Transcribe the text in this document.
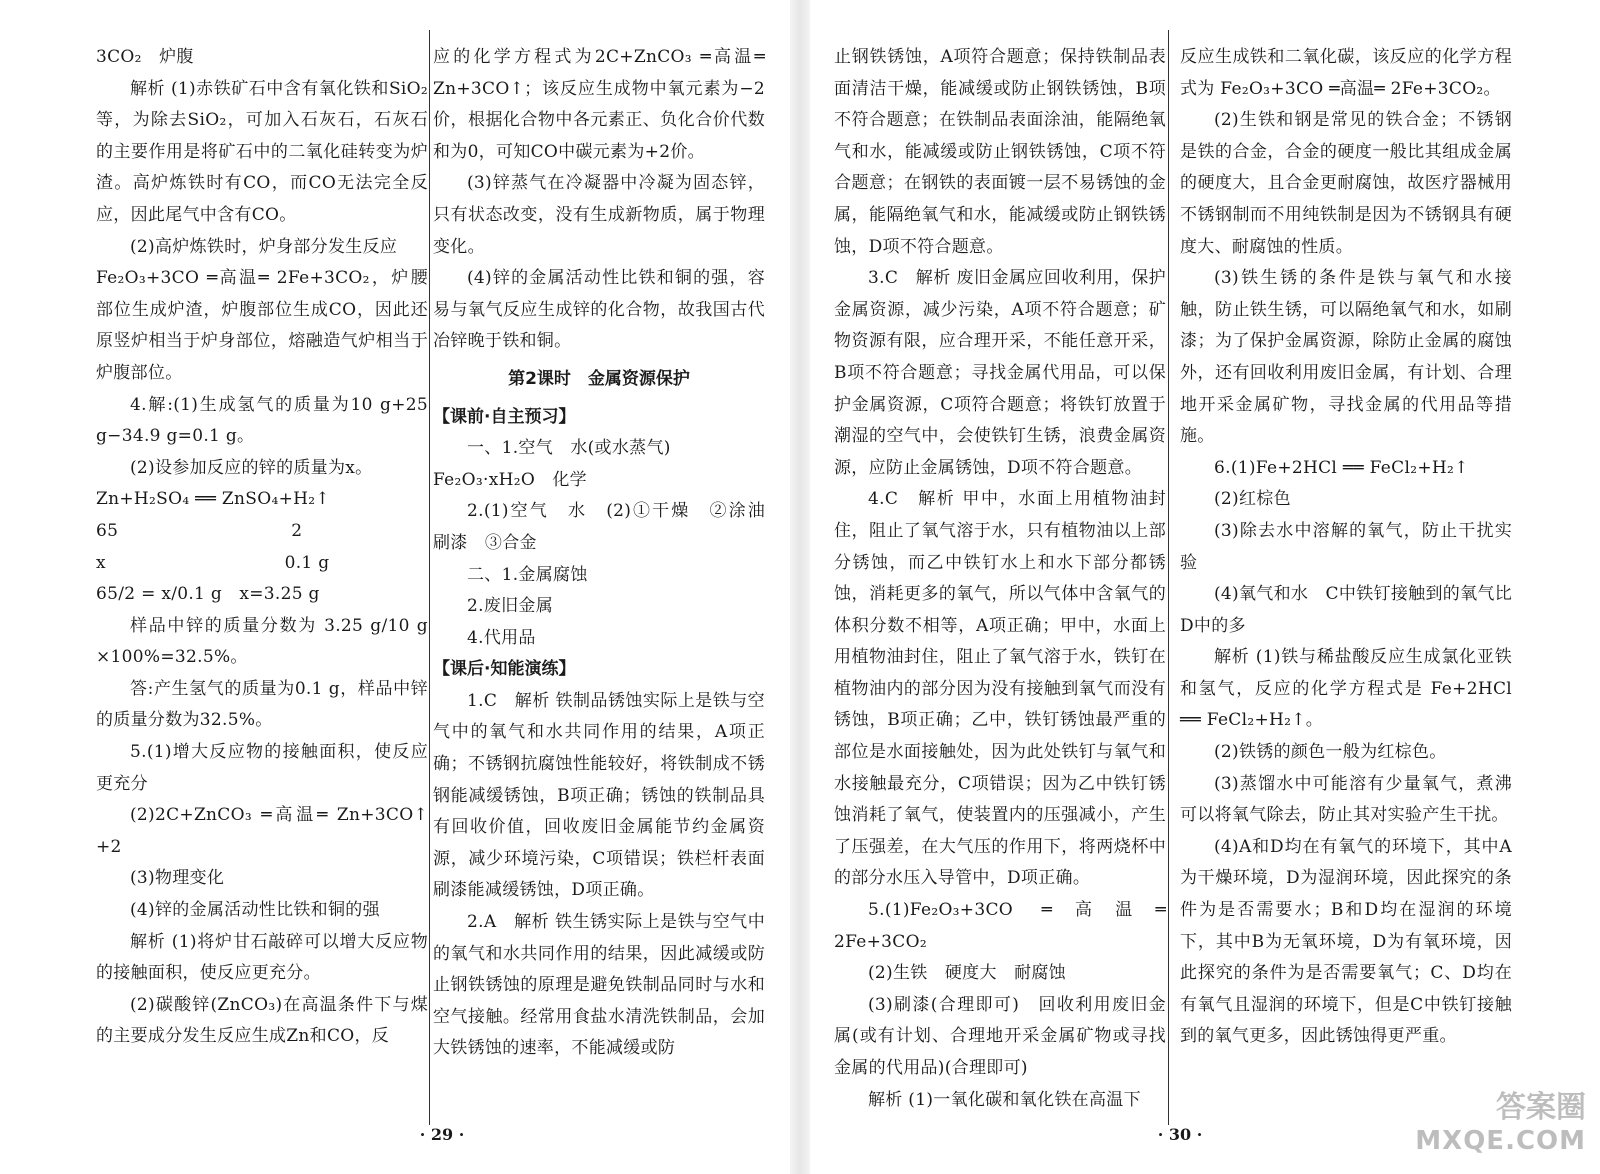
3CO₂　炉腹

解析 (1)赤铁矿石中含有氧化铁和SiO₂等，为除去SiO₂，可加入石灰石，石灰石的主要作用是将矿石中的二氧化硅转变为炉渣。高炉炼铁时有CO，而CO无法完全反应，因此尾气中含有CO。

(2)高炉炼铁时，炉身部分发生反应

Fe₂O₃+3CO ═高温═ 2Fe+3CO₂，炉腰部位生成炉渣，炉腹部位生成CO，因此还原竖炉相当于炉身部位，熔融造气炉相当于炉腹部位。

4.解:(1)生成氢气的质量为10 g+25 g−34.9 g=0.1 g。

(2)设参加反应的锌的质量为x。

Zn+H₂SO₄ ══ ZnSO₄+H₂↑

65　　　　　　　　　　2

x　　　　　　　　　　 0.1 g

65/2 = x/0.1 g　x=3.25 g

样品中锌的质量分数为 3.25 g/10 g ×100%=32.5%。

答:产生氢气的质量为0.1 g，样品中锌的质量分数为32.5%。

5.(1)增大反应物的接触面积，使反应更充分

(2)2C+ZnCO₃ ═高温═ Zn+3CO↑　+2

(3)物理变化

(4)锌的金属活动性比铁和铜的强

解析 (1)将炉甘石敲碎可以增大反应物的接触面积，使反应更充分。

(2)碳酸锌(ZnCO₃)在高温条件下与煤的主要成分发生反应生成Zn和CO，反

应的化学方程式为2C+ZnCO₃ ═高温═ Zn+3CO↑；该反应生成物中氧元素为−2价，根据化合物中各元素正、负化合价代数和为0，可知CO中碳元素为+2价。

(3)锌蒸气在冷凝器中冷凝为固态锌，只有状态改变，没有生成新物质，属于物理变化。

(4)锌的金属活动性比铁和铜的强，容易与氧气反应生成锌的化合物，故我国古代冶锌晚于铁和铜。

第2课时　金属资源保护

【课前·自主预习】

一、1.空气　水(或水蒸气)

Fe₂O₃·xH₂O　化学

2.(1)空气　水　(2)①干燥　②涂油　刷漆　③合金

二、1.金属腐蚀

2.废旧金属

4.代用品

【课后·知能演练】

1.C　解析 铁制品锈蚀实际上是铁与空气中的氧气和水共同作用的结果，A项正确；不锈钢抗腐蚀性能较好，将铁制成不锈钢能减缓锈蚀，B项正确；锈蚀的铁制品具有回收价值，回收废旧金属能节约金属资源，减少环境污染，C项错误；铁栏杆表面刷漆能减缓锈蚀，D项正确。

2.A　解析 铁生锈实际上是铁与空气中的氧气和水共同作用的结果，因此减缓或防止钢铁锈蚀的原理是避免铁制品同时与水和空气接触。经常用食盐水清洗铁制品，会加大铁锈蚀的速率，不能减缓或防

· 29 ·

止钢铁锈蚀，A项符合题意；保持铁制品表面清洁干燥，能减缓或防止钢铁锈蚀，B项不符合题意；在铁制品表面涂油，能隔绝氧气和水，能减缓或防止钢铁锈蚀，C项不符合题意；在钢铁的表面镀一层不易锈蚀的金属，能隔绝氧气和水，能减缓或防止钢铁锈蚀，D项不符合题意。

3.C　解析 废旧金属应回收利用，保护金属资源，减少污染，A项不符合题意；矿物资源有限，应合理开采，不能任意开采，B项不符合题意；寻找金属代用品，可以保护金属资源，C项符合题意；将铁钉放置于潮湿的空气中，会使铁钉生锈，浪费金属资源，应防止金属锈蚀，D项不符合题意。

4.C　解析 甲中，水面上用植物油封住，阻止了氧气溶于水，只有植物油以上部分锈蚀，而乙中铁钉水上和水下部分都锈蚀，消耗更多的氧气，所以气体中含氧气的体积分数不相等，A项正确；甲中，水面上用植物油封住，阻止了氧气溶于水，铁钉在植物油内的部分因为没有接触到氧气而没有锈蚀，B项正确；乙中，铁钉锈蚀最严重的部位是水面接触处，因为此处铁钉与氧气和水接触最充分，C项错误；因为乙中铁钉锈蚀消耗了氧气，使装置内的压强减小，产生了压强差，在大气压的作用下，将两烧杯中的部分水压入导管中，D项正确。

5.(1)Fe₂O₃+3CO ═高温═ 2Fe+3CO₂

(2)生铁　硬度大　耐腐蚀

(3)刷漆(合理即可)　回收利用废旧金属(或有计划、合理地开采金属矿物或寻找金属的代用品)(合理即可)

解析 (1)一氧化碳和氧化铁在高温下

反应生成铁和二氧化碳，该反应的化学方程式为 Fe₂O₃+3CO ═高温═ 2Fe+3CO₂。

(2)生铁和钢是常见的铁合金；不锈钢是铁的合金，合金的硬度一般比其组成金属的硬度大，且合金更耐腐蚀，故医疗器械用不锈钢制而不用纯铁制是因为不锈钢具有硬度大、耐腐蚀的性质。

(3)铁生锈的条件是铁与氧气和水接触，防止铁生锈，可以隔绝氧气和水，如刷漆；为了保护金属资源，除防止金属的腐蚀外，还有回收利用废旧金属，有计划、合理地开采金属矿物，寻找金属的代用品等措施。

6.(1)Fe+2HCl ══ FeCl₂+H₂↑

(2)红棕色

(3)除去水中溶解的氧气，防止干扰实验

(4)氧气和水　C中铁钉接触到的氧气比D中的多

解析 (1)铁与稀盐酸反应生成氯化亚铁和氢气，反应的化学方程式是 Fe+2HCl ══ FeCl₂+H₂↑。

(2)铁锈的颜色一般为红棕色。

(3)蒸馏水中可能溶有少量氧气，煮沸可以将氧气除去，防止其对实验产生干扰。

(4)A和D均在有氧气的环境下，其中A为干燥环境，D为湿润环境，因此探究的条件为是否需要水；B和D均在湿润的环境下，其中B为无氧环境，D为有氧环境，因此探究的条件为是否需要氧气；C、D均在有氧气且湿润的环境下，但是C中铁钉接触到的氧气更多，因此锈蚀得更严重。

· 30 ·
答案圈
MXQE.COM
